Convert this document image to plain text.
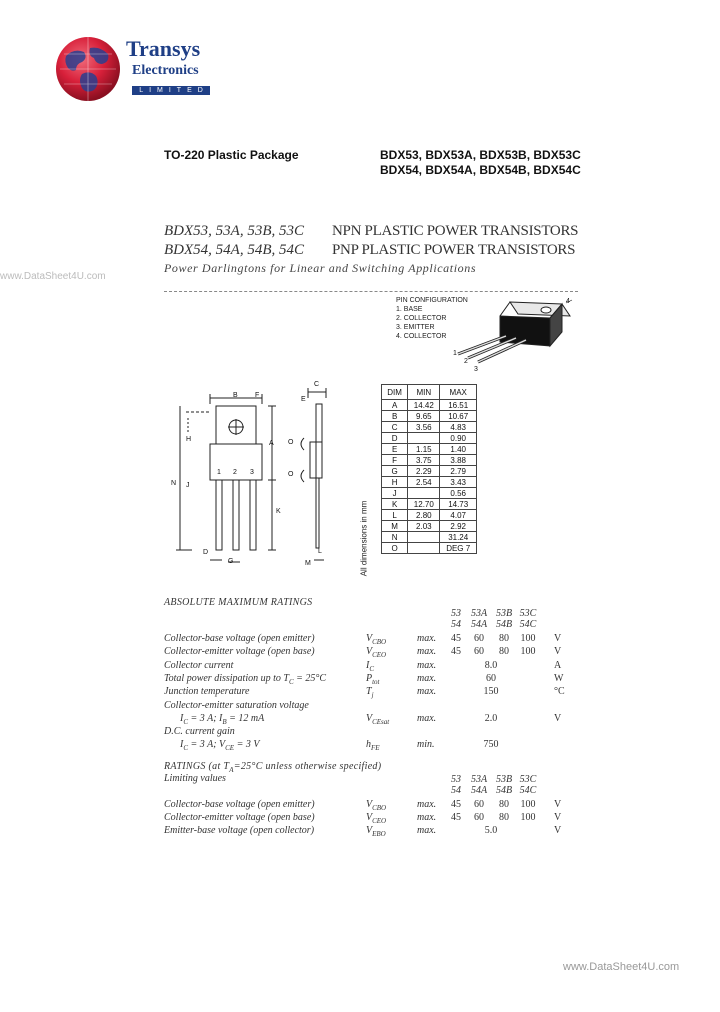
Transys
Electronics
LIMITED
TO-220 Plastic Package	BDX53, BDX53A, BDX53B, BDX53C
BDX54, BDX54A, BDX54B, BDX54C
BDX53, 53A, 53B, 53C NPN PLASTIC POWER TRANSISTORS
BDX54, 54A, 54B, 54C PNP PLASTIC POWER TRANSISTORS
Power Darlingtons for Linear and Switching Applications
www.DataSheet4U.com
PIN CONFIGURATION
1. BASE
2. COLLECTOR
3. EMITTER
4. COLLECTOR
4
1
2
3
B F
A
H
N J
K
D
G
1 2 3
C
E
O
O
L
M	All dimensions in mm
DIM	MIN	MAX
A	14.42	16.51
B	9.65	10.67
C	3.56	4.83
D		0.90
E	1.15	1.40
F	3.75	3.88
G	2.29	2.79
H	2.54	3.43
J		0.56
K	12.70	14.73
L	2.80	4.07
M	2.03	2.92
N		31.24
O		DEG 7
ABSOLUTE MAXIMUM RATINGS
53 53A 53B 53C
54 54A 54B 54C
Collector-base voltage (open emitter)	$V_{CBO}$	max.	45	60	80	100	V
Collector-emitter voltage (open base)	$V_{CEO}$	max.	45	60	80	100	V
Collector current	$I_C$	max.	8.0	A
Total power dissipation up to $T_C = 25^\circ C$	$P_{tot}$	max.	60	W
Junction temperature	$T_j$	max.	150	°C
Collector-emitter saturation voltage
$I_C = 3$ A; $I_B = 12$ mA	$V_{CEsat}$	max.	2.0	V
D.C. current gain
$I_C = 3$ A; $V_{CE} = 3$ V	$h_{FE}$	min.	750
RATINGS (at $T_A=25^\circ C$ unless otherwise specified)
Limiting values	53 53A 53B 53C
54 54A 54B 54C
Collector-base voltage (open emitter)	$V_{CBO}$	max.	45	60	80	100	V
Collector-emitter voltage (open base)	$V_{CEO}$	max.	45	60	80	100	V
Emitter-base voltage (open collector)	$V_{EBO}$	max.	5.0	V
www.DataSheet4U.com
